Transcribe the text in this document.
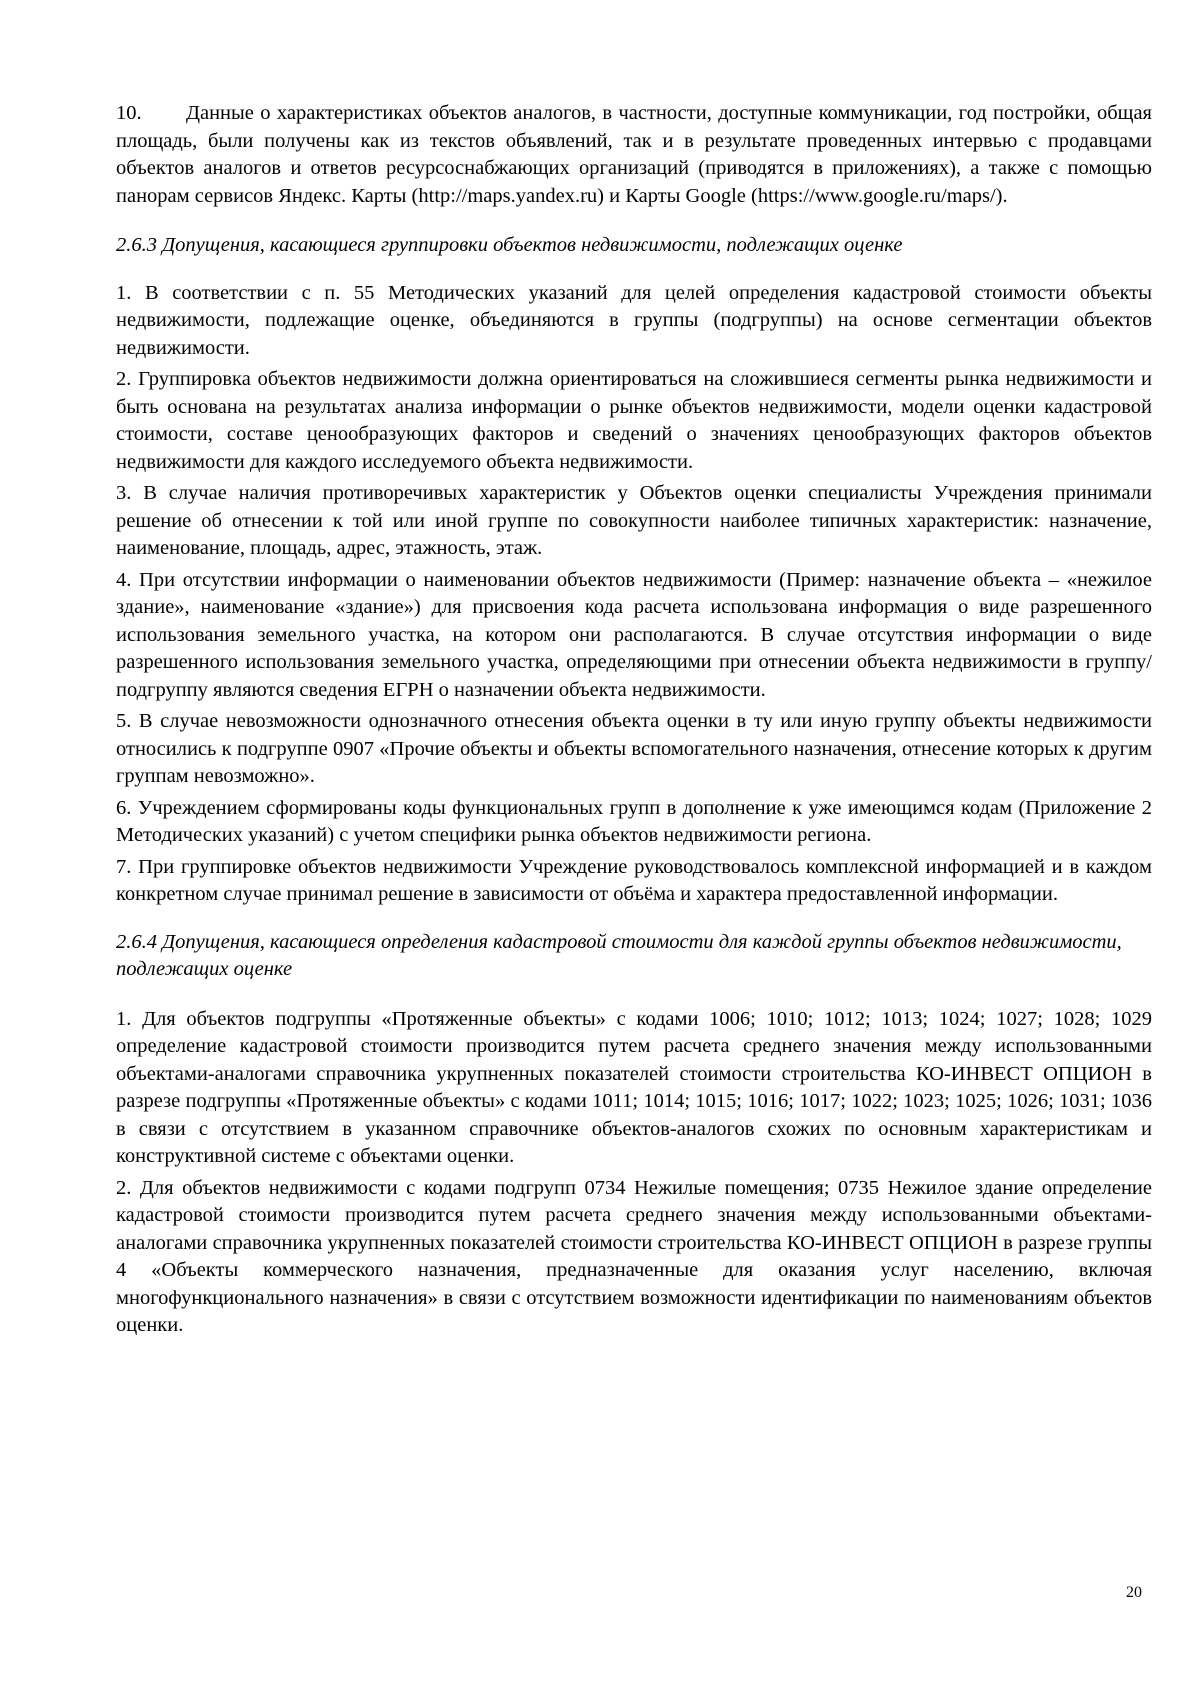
10. Данные о характеристиках объектов аналогов, в частности, доступные коммуникации, год постройки, общая площадь, были получены как из текстов объявлений, так и в результате проведенных интервью с продавцами объектов аналогов и ответов ресурсоснабжающих организаций (приводятся в приложениях), а также с помощью панорам сервисов Яндекс. Карты (http://maps.yandex.ru) и Карты Google (https://www.google.ru/maps/).

2.6.3 Допущения, касающиеся группировки объектов недвижимости, подлежащих оценке

1. В соответствии с п. 55 Методических указаний для целей определения кадастровой стоимости объекты недвижимости, подлежащие оценке, объединяются в группы (подгруппы) на основе сегментации объектов недвижимости.

2. Группировка объектов недвижимости должна ориентироваться на сложившиеся сегменты рынка недвижимости и быть основана на результатах анализа информации о рынке объектов недвижимости, модели оценки кадастровой стоимости, составе ценообразующих факторов и сведений о значениях ценообразующих факторов объектов недвижимости для каждого исследуемого объекта недвижимости.

3. В случае наличия противоречивых характеристик у Объектов оценки специалисты Учреждения принимали решение об отнесении к той или иной группе по совокупности наиболее типичных характеристик: назначение, наименование, площадь, адрес, этажность, этаж.

4. При отсутствии информации о наименовании объектов недвижимости (Пример: назначение объекта – «нежилое здание», наименование «здание») для присвоения кода расчета использована информация о виде разрешенного использования земельного участка, на котором они располагаются. В случае отсутствия информации о виде разрешенного использования земельного участка, определяющими при отнесении объекта недвижимости в группу/подгруппу являются сведения ЕГРН о назначении объекта недвижимости.

5. В случае невозможности однозначного отнесения объекта оценки в ту или иную группу объекты недвижимости относились к подгруппе 0907 «Прочие объекты и объекты вспомогательного назначения, отнесение которых к другим группам невозможно».

6. Учреждением сформированы коды функциональных групп в дополнение к уже имеющимся кодам (Приложение 2 Методических указаний) с учетом специфики рынка объектов недвижимости региона.

7. При группировке объектов недвижимости Учреждение руководствовалось комплексной информацией и в каждом конкретном случае принимал решение в зависимости от объёма и характера предоставленной информации.

2.6.4 Допущения, касающиеся определения кадастровой стоимости для каждой группы объектов недвижимости, подлежащих оценке

1. Для объектов подгруппы «Протяженные объекты» с кодами 1006; 1010; 1012; 1013; 1024; 1027; 1028; 1029 определение кадастровой стоимости производится путем расчета среднего значения между использованными объектами-аналогами справочника укрупненных показателей стоимости строительства КО-ИНВЕСТ ОПЦИОН в разрезе подгруппы «Протяженные объекты» с кодами 1011; 1014; 1015; 1016; 1017; 1022; 1023; 1025; 1026; 1031; 1036 в связи с отсутствием в указанном справочнике объектов-аналогов схожих по основным характеристикам и конструктивной системе с объектами оценки.

2. Для объектов недвижимости с кодами подгрупп 0734 Нежилые помещения; 0735 Нежилое здание определение кадастровой стоимости производится путем расчета среднего значения между использованными объектами-аналогами справочника укрупненных показателей стоимости строительства КО-ИНВЕСТ ОПЦИОН в разрезе группы 4 «Объекты коммерческого назначения, предназначенные для оказания услуг населению, включая многофункционального назначения» в связи с отсутствием возможности идентификации по наименованиям объектов оценки.

20
